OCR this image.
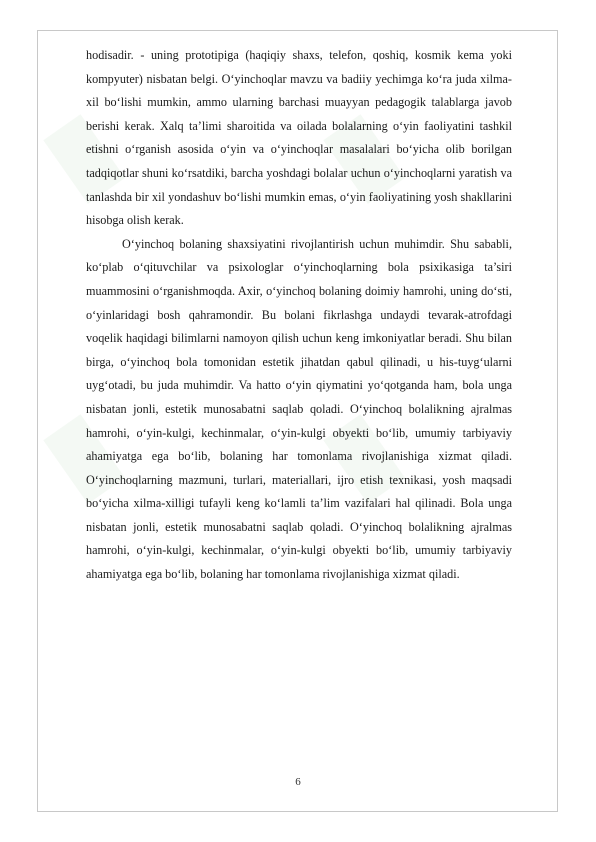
█	█
█	█

hodisadir. - uning prototipiga (haqiqiy shaxs, telefon, qoshiq, kosmik kema yoki kompyuter) nisbatan belgi. O‘yinchoqlar mavzu va badiiy yechimga ko‘ra juda xilma-xil bo‘lishi mumkin, ammo ularning barchasi muayyan pedagogik talablarga javob berishi kerak. Xalq ta’limi sharoitida va oilada bolalarning o‘yin faoliyatini tashkil etishni o‘rganish asosida o‘yin va o‘yinchoqlar masalalari bo‘yicha olib borilgan tadqiqotlar shuni ko‘rsatdiki, barcha yoshdagi bolalar uchun o‘yinchoqlarni yaratish va tanlashda bir xil yondashuv bo‘lishi mumkin emas, o‘yin faoliyatining yosh shakllarini hisobga olish kerak.

O‘yinchoq bolaning shaxsiyatini rivojlantirish uchun muhimdir. Shu sababli, ko‘plab o‘qituvchilar va psixologlar o‘yinchoqlarning bola psixikasiga ta’siri muammosini o‘rganishmoqda. Axir, o‘yinchoq bolaning doimiy hamrohi, uning do‘sti, o‘yinlaridagi bosh qahramondir. Bu bolani fikrlashga undaydi tevarak-atrofdagi voqelik haqidagi bilimlarni namoyon qilish uchun keng imkoniyatlar beradi. Shu bilan birga, o‘yinchoq bola tomonidan estetik jihatdan qabul qilinadi, u his-tuyg‘ularni uyg‘otadi, bu juda muhimdir. Va hatto o‘yin qiymatini yo‘qotganda ham, bola unga nisbatan jonli, estetik munosabatni saqlab qoladi. O‘yinchoq bolalikning ajralmas hamrohi, o‘yin-kulgi, kechinmalar, o‘yin-kulgi obyekti bo‘lib, umumiy tarbiyaviy ahamiyatga ega bo‘lib, bolaning har tomonlama rivojlanishiga xizmat qiladi. O‘yinchoqlarning mazmuni, turlari, materiallari, ijro etish texnikasi, yosh maqsadi bo‘yicha xilma-xilligi tufayli keng ko‘lamli ta’lim vazifalari hal qilinadi. Bola unga nisbatan jonli, estetik munosabatni saqlab qoladi. O‘yinchoq bolalikning ajralmas hamrohi, o‘yin-kulgi, kechinmalar, o‘yin-kulgi obyekti bo‘lib, umumiy tarbiyaviy ahamiyatga ega bo‘lib, bolaning har tomonlama rivojlanishiga xizmat qiladi.

6
